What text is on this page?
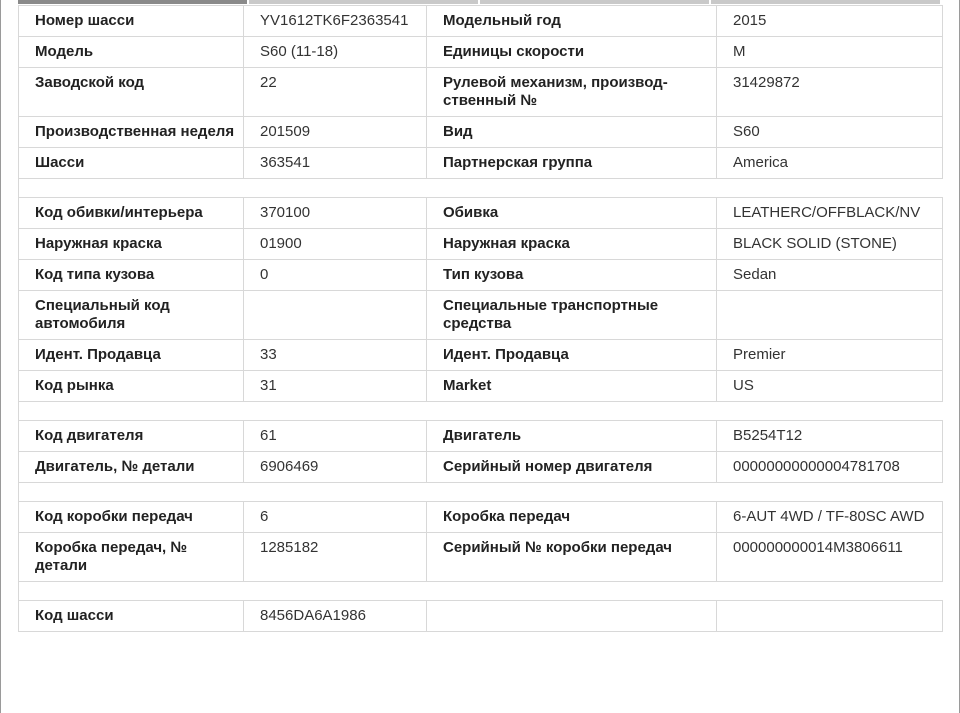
Номер шасси	YV1612TK6F2363541	Модельный год	2015
Модель	S60 (11-18)	Единицы скорости	M
Заводской код	22	Рулевой механизм, производ-ственный №	31429872
Производственная неделя	201509	Вид	S60
Шасси	363541	Партнерская группа	America

Код обивки/интерьера	370100	Обивка	LEATHERC/OFFBLACK/NV
Наружная краска	01900	Наружная краска	BLACK SOLID (STONE)
Код типа кузова	0	Тип кузова	Sedan
Специальный код автомобиля		Специальные транспортные средства	
Идент. Продавца	33	Идент. Продавца	Premier
Код рынка	31	Market	US

Код двигателя	61	Двигатель	B5254T12
Двигатель, № детали	6906469	Серийный номер двигателя	00000000000004781708

Код коробки передач	6	Коробка передач	6-AUT 4WD / TF-80SC AWD
Коробка передач, № детали	1285182	Серийный № коробки передач	000000000014M3806611

Код шасси	8456DA6A1986		
